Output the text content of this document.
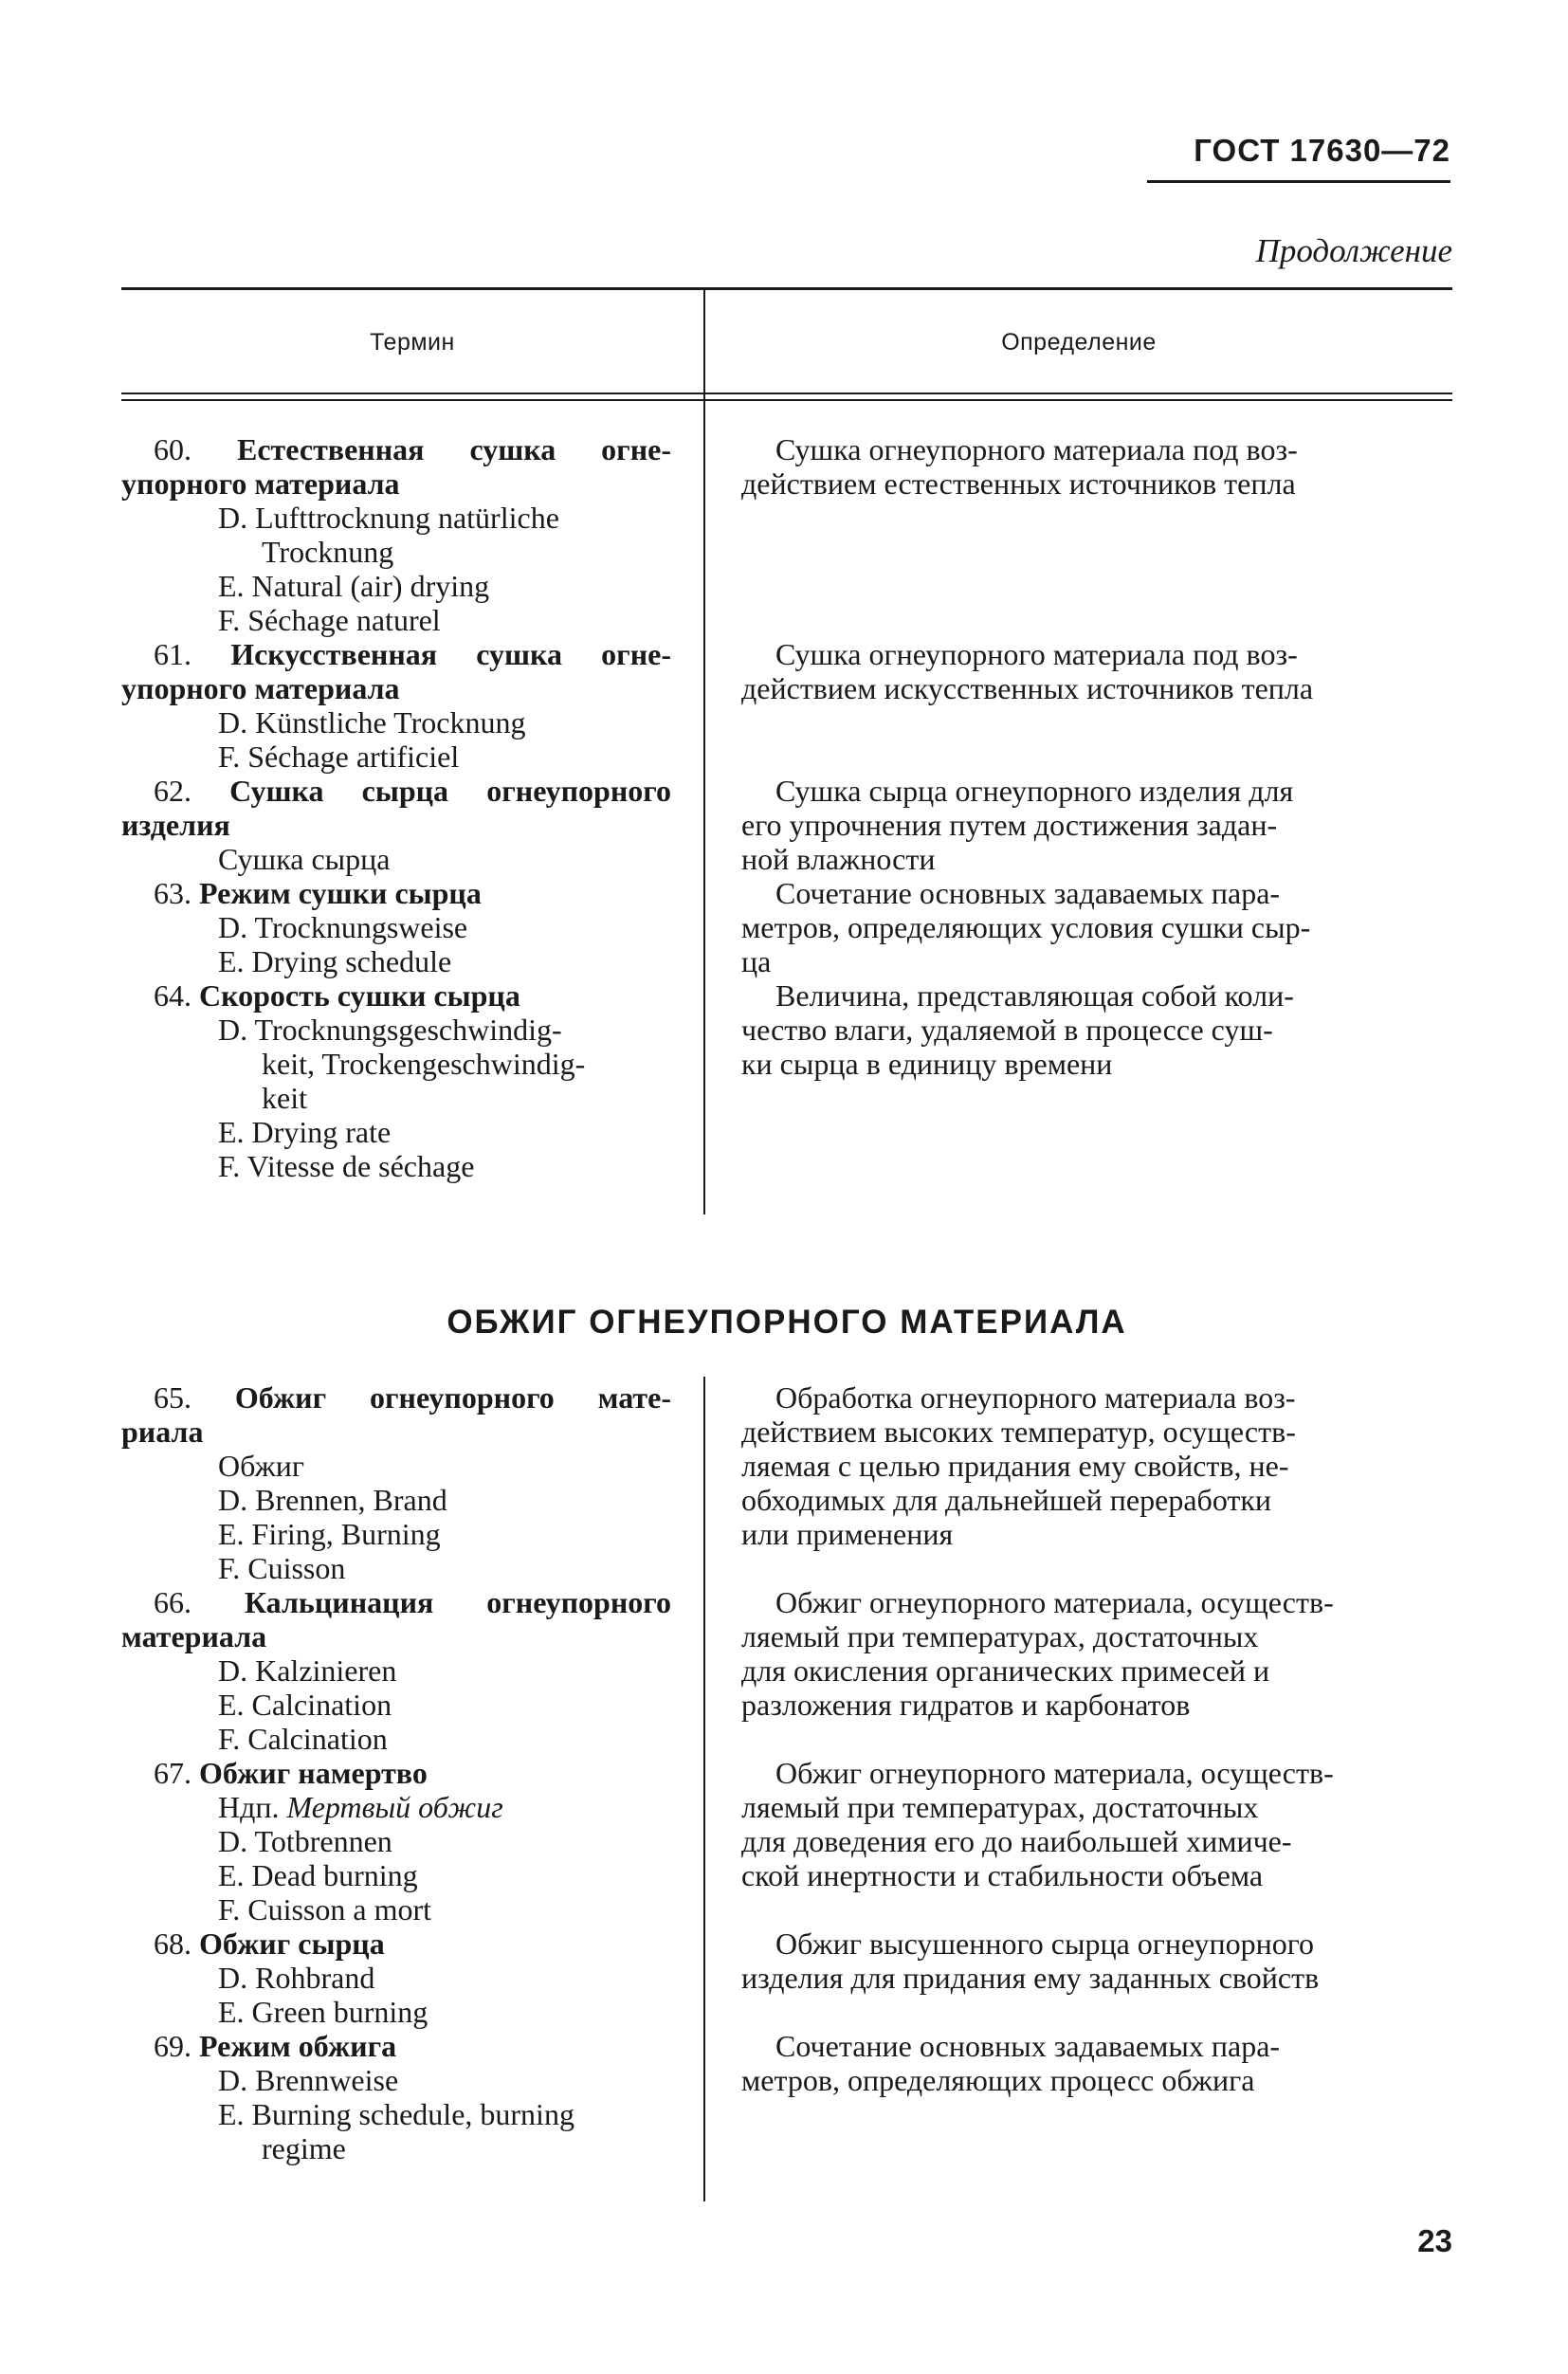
ГОСТ 17630—72
Продолжение
Термин	Определение
60. Естественная сушка огне-
упорного материала
D. Lufttrocknung natürliche
Trocknung
E. Natural (air) drying
F. Séchage naturel
61. Искусственная сушка огне-
упорного материала
D. Künstliche Trocknung
F. Séchage artificiel
62. Сушка сырца огнеупорного
изделия
Сушка сырца
63. Режим сушки сырца
D. Trocknungsweise
E. Drying schedule
64. Скорость сушки сырца
D. Trocknungsgeschwindig-
keit, Trockengeschwindig-
keit
E. Drying rate
F. Vitesse de séchage
Сушка огнеупорного материала под воз-
действием естественных источников тепла
Сушка огнеупорного материала под воз-
действием искусственных источников тепла
Сушка сырца огнеупорного изделия для
его упрочнения путем достижения задан-
ной влажности
Сочетание основных задаваемых пара-
метров, определяющих условия сушки сыр-
ца
Величина, представляющая собой коли-
чество влаги, удаляемой в процессе суш-
ки сырца в единицу времени
ОБЖИГ ОГНЕУПОРНОГО МАТЕРИАЛА
65. Обжиг огнеупорного мате-
риала
Обжиг
D. Brennen, Brand
E. Firing, Burning
F. Cuisson
66. Кальцинация огнеупорного
материала
D. Kalzinieren
E. Calcination
F. Calcination
67. Обжиг намертво
Ндп. Мертвый обжиг
D. Totbrennen
E. Dead burning
F. Cuisson a mort
68. Обжиг сырца
D. Rohbrand
E. Green burning
69. Режим обжига
D. Brennweise
E. Burning schedule, burning
regime
Обработка огнеупорного материала воз-
действием высоких температур, осуществ-
ляемая с целью придания ему свойств, не-
обходимых для дальнейшей переработки
или применения
Обжиг огнеупорного материала, осуществ-
ляемый при температурах, достаточных
для окисления органических примесей и
разложения гидратов и карбонатов
Обжиг огнеупорного материала, осуществ-
ляемый при температурах, достаточных
для доведения его до наибольшей химиче-
ской инертности и стабильности объема
Обжиг высушенного сырца огнеупорного
изделия для придания ему заданных свойств
Сочетание основных задаваемых пара-
метров, определяющих процесс обжига
23
